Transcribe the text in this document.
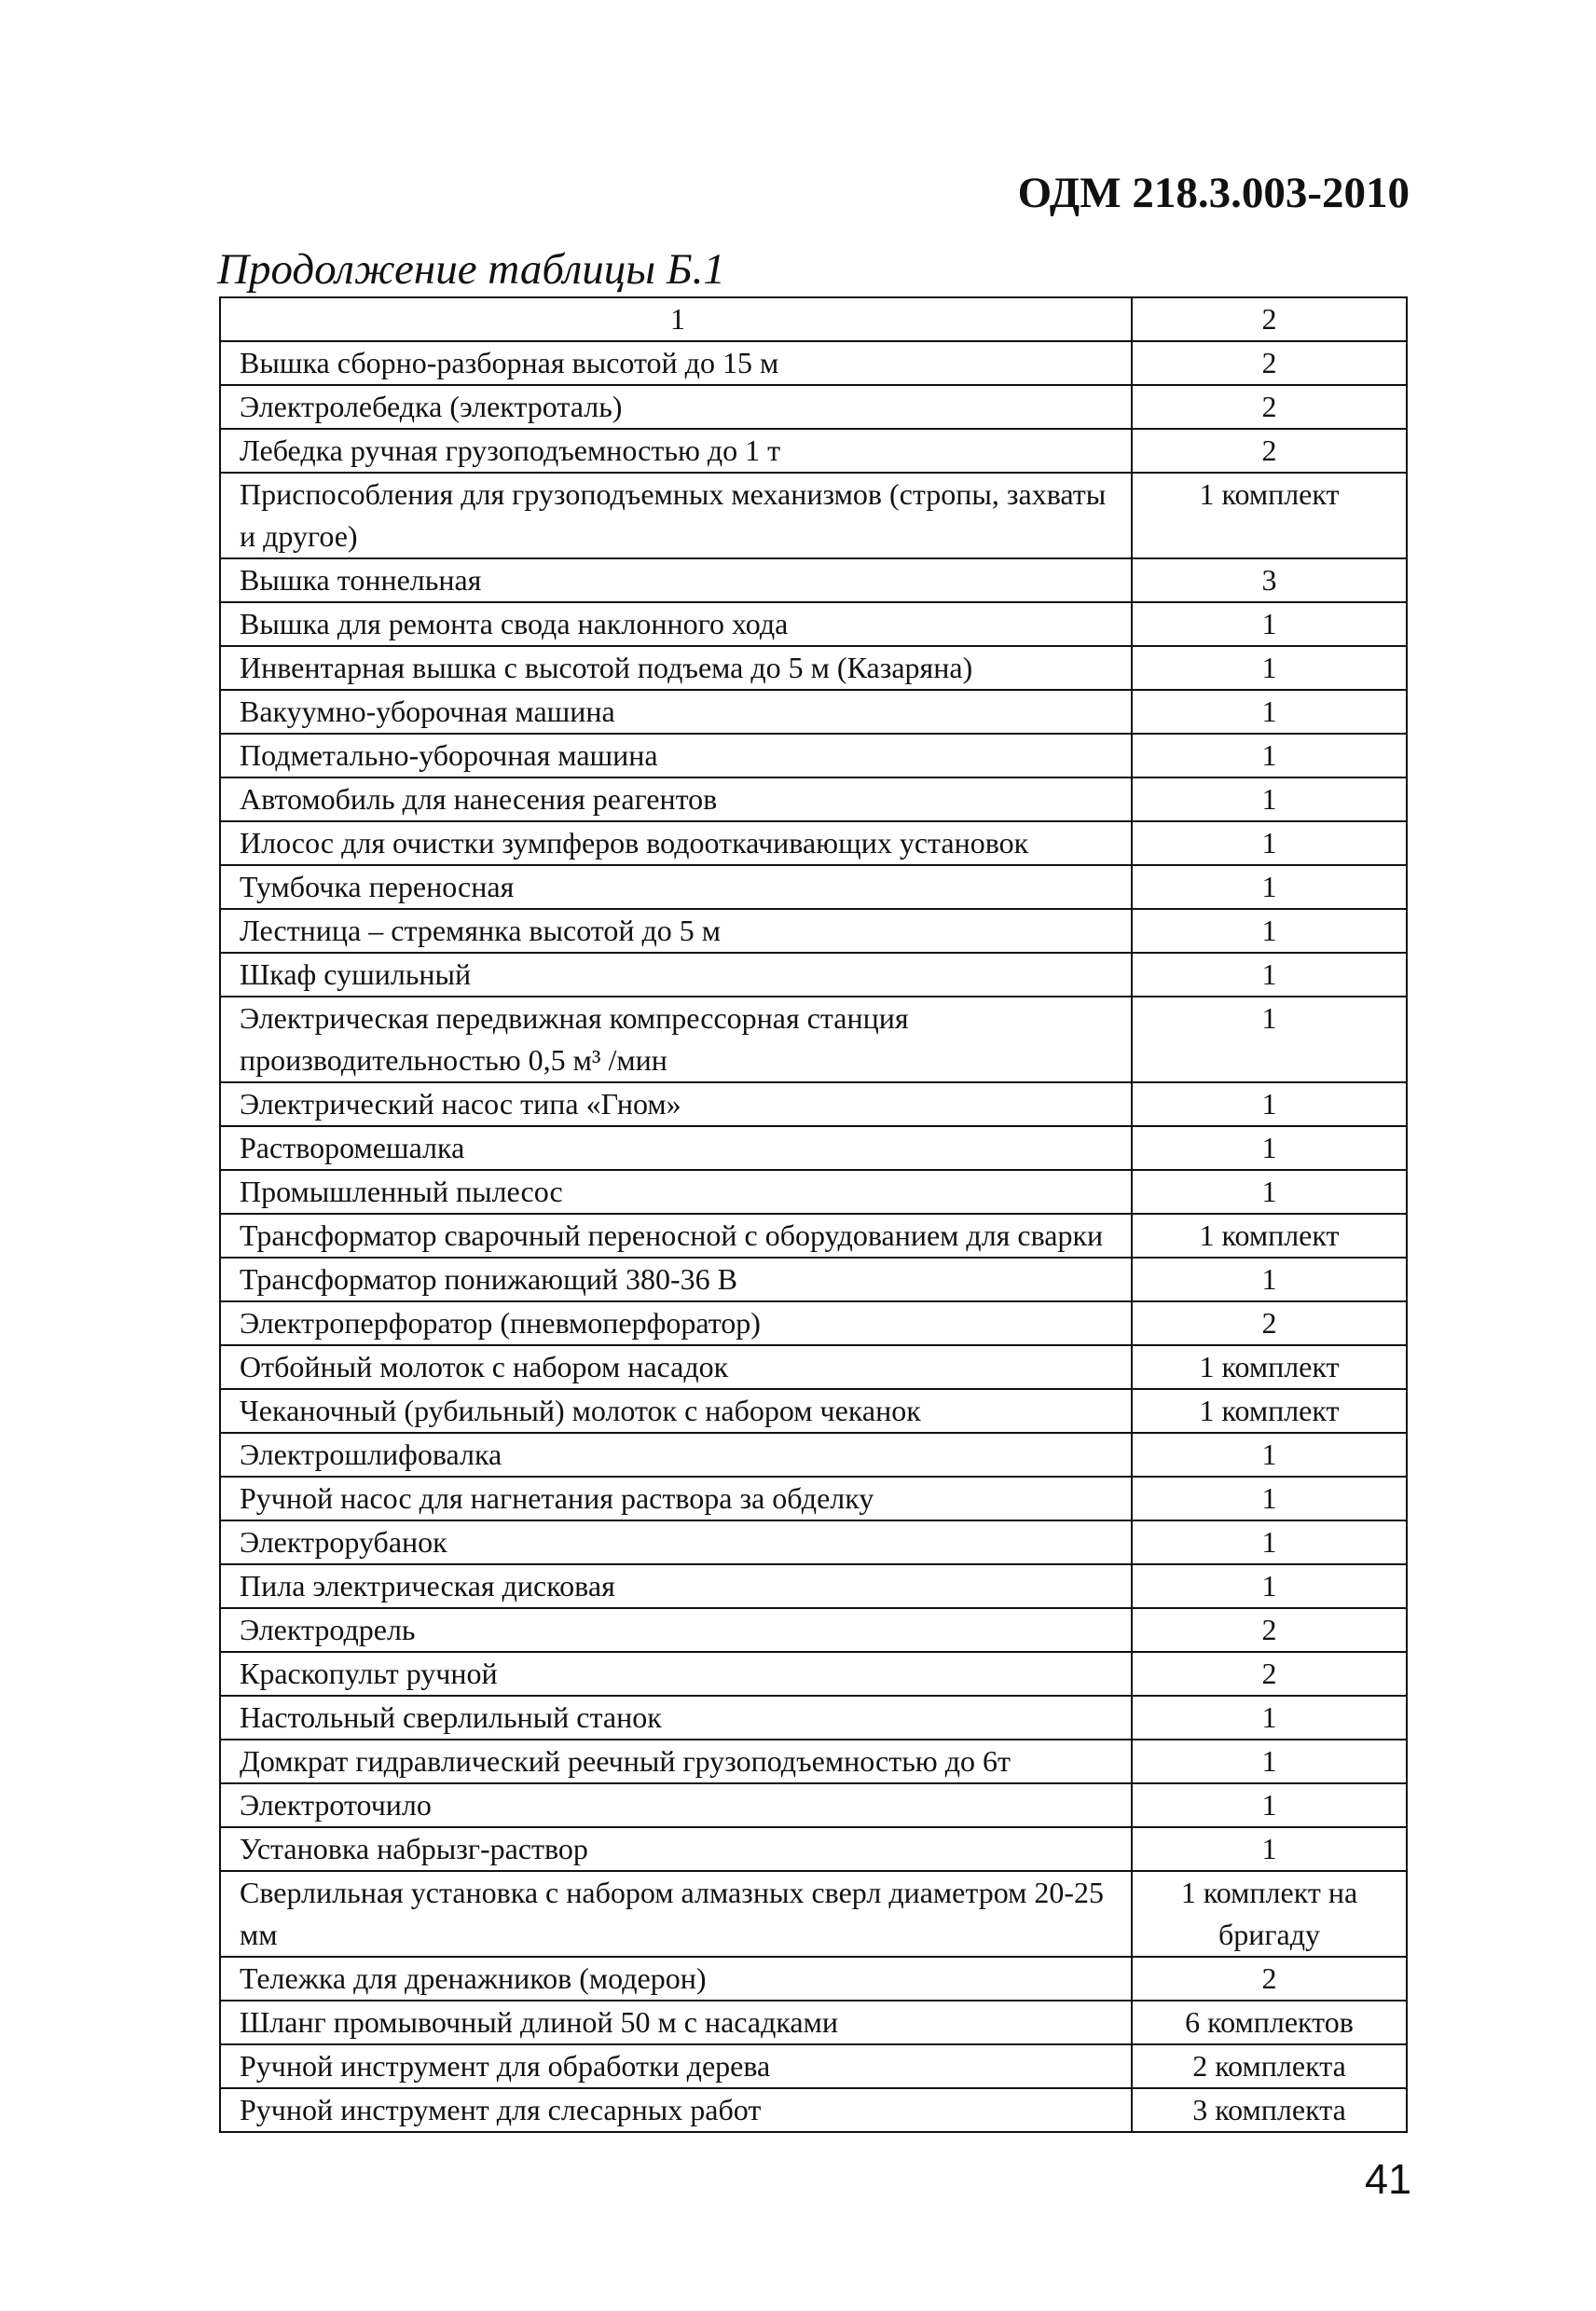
ОДМ 218.3.003-2010
Продолжение таблицы Б.1
1	2
Вышка сборно-разборная высотой до 15 м	2
Электролебедка (электроталь)	2
Лебедка ручная грузоподъемностью до 1 т	2
Приспособления для грузоподъемных механизмов (стропы, захваты и другое)	1 комплект
Вышка тоннельная	3
Вышка для ремонта свода наклонного хода	1
Инвентарная вышка с высотой подъема до 5 м (Казаряна)	1
Вакуумно-уборочная машина	1
Подметально-уборочная машина	1
Автомобиль для нанесения реагентов	1
Илосос для очистки зумпферов водооткачивающих установок	1
Тумбочка переносная	1
Лестница – стремянка высотой до 5 м	1
Шкаф сушильный	1
Электрическая передвижная компрессорная станция производительностью 0,5 м³ /мин	1
Электрический насос типа «Гном»	1
Растворомешалка	1
Промышленный пылесос	1
Трансформатор сварочный переносной с оборудованием для сварки	1 комплект
Трансформатор понижающий 380-36 В	1
Электроперфоратор (пневмоперфоратор)	2
Отбойный молоток с набором насадок	1 комплект
Чеканочный (рубильный) молоток с набором чеканок	1 комплект
Электрошлифовалка	1
Ручной насос для нагнетания раствора за обделку	1
Электрорубанок	1
Пила электрическая дисковая	1
Электродрель	2
Краскопульт ручной	2
Настольный сверлильный станок	1
Домкрат гидравлический реечный грузоподъемностью до 6т	1
Электроточило	1
Установка набрызг-раствор	1
Сверлильная установка с набором алмазных сверл диаметром 20-25 мм	1 комплект на бригаду
Тележка для дренажников (модерон)	2
Шланг промывочный длиной 50 м с насадками	6 комплектов
Ручной инструмент для обработки дерева	2 комплекта
Ручной инструмент для слесарных работ	3 комплекта
41
